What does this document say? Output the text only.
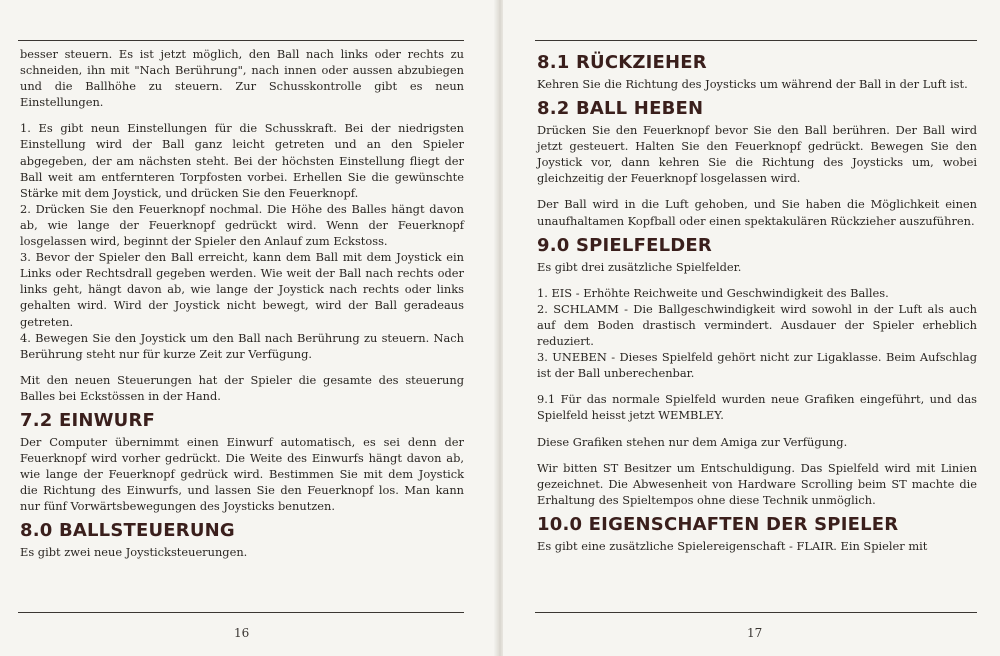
besser steuern. Es ist jetzt möglich, den Ball nach links oder rechts zu schneiden, ihn mit "Nach Berührung", nach innen oder aussen abzubiegen und die Ballhöhe zu steuern. Zur Schusskontrolle gibt es neun Einstellungen.

1. Es gibt neun Einstellungen für die Schusskraft. Bei der niedrigsten Einstellung wird der Ball ganz leicht getreten und an den Spieler abgegeben, der am nächsten steht. Bei der höchsten Einstellung fliegt der Ball weit am entfernteren Torpfosten vorbei. Erhellen Sie die gewünschte Stärke mit dem Joystick, und drücken Sie den Feuerknopf.

2. Drücken Sie den Feuerknopf nochmal. Die Höhe des Balles hängt davon ab, wie lange der Feuerknopf gedrückt wird. Wenn der Feuerknopf losgelassen wird, beginnt der Spieler den Anlauf zum Eckstoss.

3. Bevor der Spieler den Ball erreicht, kann dem Ball mit dem Joystick ein Links oder Rechtsdrall gegeben werden. Wie weit der Ball nach rechts oder links geht, hängt davon ab, wie lange der Joystick nach rechts oder links gehalten wird. Wird der Joystick nicht bewegt, wird der Ball geradeaus getreten.

4. Bewegen Sie den Joystick um den Ball nach Berührung zu steuern. Nach Berührung steht nur für kurze Zeit zur Verfügung.

Mit den neuen Steuerungen hat der Spieler die gesamte des steuerung Balles bei Eckstössen in der Hand.

7.2 EINWURF

Der Computer übernimmt einen Einwurf automatisch, es sei denn der Feuerknopf wird vorher gedrückt. Die Weite des Einwurfs hängt davon ab, wie lange der Feuerknopf gedrück wird. Bestimmen Sie mit dem Joystick die Richtung des Einwurfs, und lassen Sie den Feuerknopf los. Man kann nur fünf Vorwärtsbewegungen des Joysticks benutzen.

8.0 BALLSTEUERUNG

Es gibt zwei neue Joysticksteuerungen.

16
8.1 RÜCKZIEHER

Kehren Sie die Richtung des Joysticks um während der Ball in der Luft ist.

8.2 BALL HEBEN

Drücken Sie den Feuerknopf bevor Sie den Ball berühren. Der Ball wird jetzt gesteuert. Halten Sie den Feuerknopf gedrückt. Bewegen Sie den Joystick vor, dann kehren Sie die Richtung des Joysticks um, wobei gleichzeitig der Feuerknopf losgelassen wird.

Der Ball wird in die Luft gehoben, und Sie haben die Möglichkeit einen unaufhaltamen Kopfball oder einen spektakulären Rückzieher auszuführen.

9.0 SPIELFELDER

Es gibt drei zusätzliche Spielfelder.

1. EIS - Erhöhte Reichweite und Geschwindigkeit des Balles.

2. SCHLAMM - Die Ballgeschwindigkeit wird sowohl in der Luft als auch auf dem Boden drastisch vermindert. Ausdauer der Spieler erheblich reduziert.

3. UNEBEN - Dieses Spielfeld gehört nicht zur Ligaklasse. Beim Aufschlag ist der Ball unberechenbar.

9.1 Für das normale Spielfeld wurden neue Grafiken eingeführt, und das Spielfeld heisst jetzt WEMBLEY.

Diese Grafiken stehen nur dem Amiga zur Verfügung.

Wir bitten ST Besitzer um Entschuldigung. Das Spielfeld wird mit Linien gezeichnet. Die Abwesenheit von Hardware Scrolling beim ST machte die Erhaltung des Spieltempos ohne diese Technik unmöglich.

10.0 EIGENSCHAFTEN DER SPIELER

Es gibt eine zusätzliche Spielereigenschaft - FLAIR. Ein Spieler mit

17
